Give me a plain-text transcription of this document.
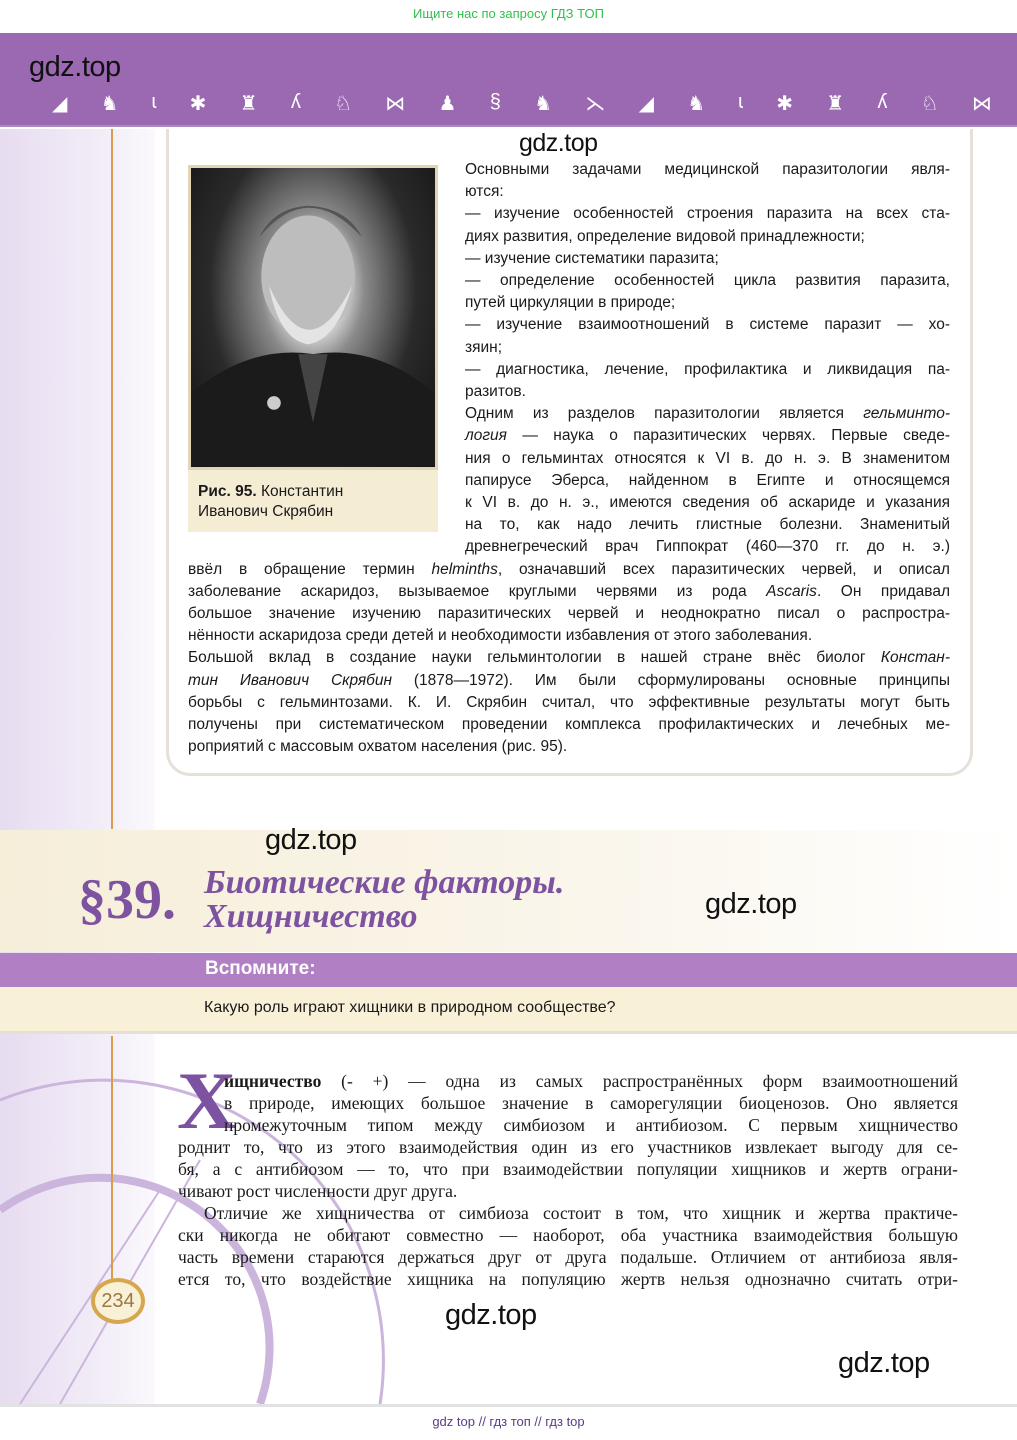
Ищите нас по запросу ГДЗ ТОП
gdz.top
◢ ♞ ɩ ✱ ♜ ʎ ♘ ⋈ ♟ § ♞ ⋋ ◢ ♞ ɩ ✱ ♜ ʎ ♘ ⋈
gdz.top
Рис. 95. Константин
Иванович Скрябин
Основными задачами медицинской паразитологии явля-
ются:
— изучение особенностей строения паразита на всех ста-
диях развития, определение видовой принадлежности;
— изучение систематики паразита;
— определение особенностей цикла развития паразита,
путей циркуляции в природе;
— изучение взаимоотношений в системе паразит — хо-
зяин;
— диагностика, лечение, профилактика и ликвидация па-
разитов.
Одним из разделов паразитологии является гельминто-
логия — наука о паразитических червях. Первые сведе-
ния о гельминтах относятся к VI в. до н. э. В знаменитом
папирусе Эберса, найденном в Египте и относящемся
к VI в. до н. э., имеются сведения об аскариде и указания
на то, как надо лечить глистные болезни. Знаменитый
древнегреческий врач Гиппократ (460—370 гг. до н. э.)
ввёл в обращение термин helminths, означавший всех паразитических червей, и описал
заболевание аскаридоз, вызываемое круглыми червями из рода Ascaris. Он придавал
большое значение изучению паразитических червей и неоднократно писал о распростра-
нённости аскаридоза среди детей и необходимости избавления от этого заболевания.
Большой вклад в создание науки гельминтологии в нашей стране внёс биолог Констан-
тин Иванович Скрябин (1878—1972). Им были сформулированы основные принципы
борьбы с гельминтозами. К. И. Скрябин считал, что эффективные результаты могут быть
получены при систематическом проведении комплекса профилактических и лечебных ме-
роприятий с массовым охватом населения (рис. 95).
gdz.top
gdz.top
§39. Биотические факторы.
Хищничество
Вспомните:
Какую роль играют хищники в природном сообществе?
Х
ищничество (- +) — одна из самых распространённых форм взаимоотношений
в природе, имеющих большое значение в саморегуляции биоценозов. Оно является
промежуточным типом между симбиозом и антибиозом. С первым хищничество
роднит то, что из этого взаимодействия один из его участников извлекает выгоду для се-
бя, а с антибиозом — то, что при взаимодействии популяции хищников и жертв ограни-
чивают рост численности друг друга.
Отличие же хищничества от симбиоза состоит в том, что хищник и жертва практиче-
ски никогда не обитают совместно — наоборот, оба участника взаимодействия большую
часть времени стараются держаться друг от друга подальше. Отличием от антибиоза явля-
ется то, что воздействие хищника на популяцию жертв нельзя однозначно считать отри-
234	gdz.top
gdz.top
gdz top // гдз топ // гдз top
